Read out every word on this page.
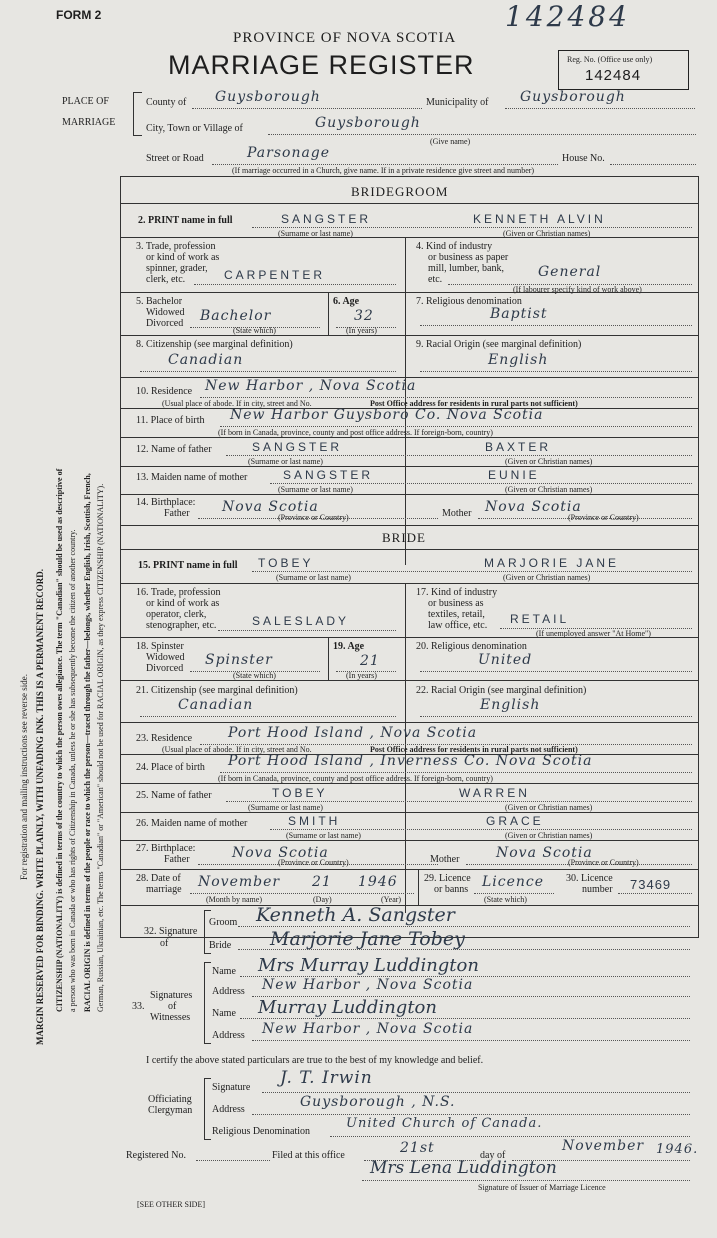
FORM 2	142484
PROVINCE OF NOVA SCOTIA
MARRIAGE REGISTER	Reg. No. (Office use only)
142484
PLACE OF
MARRIAGE
County of Guysborough	Municipality of Guysborough
City, Town or Village of	Guysborough
(Give name)
Street or Road	Parsonage	House No.
(If marriage occurred in a Church, give name. If in a private residence give street and number)
For registration and mailing instructions see reverse side. MARGIN RESERVED FOR BINDING. WRITE PLAINLY, WITH UNFADING INK. THIS IS A PERMANENT RECORD. CITIZENSHIP (NATIONALITY) is defined in terms of the country to which the person owes allegiance. The term "Canadian" should be used as descriptive of a person who was born in Canada or who has rights of Citizenship in Canada, unless he or she has subsequently become the citizen of another country. RACIAL ORIGIN is defined in terms of the people or race to which the person—traced through the father—belongs, whether English, Irish, Scottish, French, German, Russian, Ukrainian, etc. The terms "Canadian" or "American" should not be used for RACIAL ORIGIN, as they express CITIZENSHIP (NATIONALITY).
BRIDEGROOM
2. PRINT name in full	SANGSTER	KENNETH ALVIN
(Surname or last name)	(Given or Christian names)
3. Trade, profession
or kind of work as
spinner, grader,
clerk, etc.	CARPENTER
4. Kind of industry
or business as paper
mill, lumber, bank,
etc.	General
(If labourer specify kind of work above)
5. Bachelor
Widowed
Divorced Bachelor
(State which)
6. Age
32
(In years)
7. Religious denomination
Baptist
8. Citizenship (see marginal definition)
Canadian
9. Racial Origin (see marginal definition)
English
10. Residence New Harbor , Nova Scotia
(Usual place of abode. If in city, street and No.	Post Office address for residents in rural parts not sufficient)
11. Place of birth New Harbor Guysboro Co. Nova Scotia
(If born in Canada, province, county and post office address. If foreign-born, country)
12. Name of father	SANGSTER	BAXTER
(Surname or last name)	(Given or Christian names)
13. Maiden name of mother	SANGSTER	EUNIE
(Surname or last name)	(Given or Christian names)
14. Birthplace:
Father Nova Scotia	Mother Nova Scotia
(Province or Country)	(Province or Country)
BRIDE
15. PRINT name in full TOBEY	MARJORIE JANE
(Surname or last name)	(Given or Christian names)
16. Trade, profession
or kind of work as
operator, clerk,
stenographer, etc.	SALESLADY
17. Kind of industry
or business as
textiles, retail,
law office, etc. RETAIL
(If unemployed answer "At Home")
18. Spinster
Widowed
Divorced
Spinster
(State which)
19. Age
21
(In years)
20. Religious denomination
United
21. Citizenship (see marginal definition)
Canadian
22. Racial Origin (see marginal definition)
English
23. Residence	Port Hood Island , Nova Scotia
(Usual place of abode. If in city, street and No.	Post Office address for residents in rural parts not sufficient)
24. Place of birth Port Hood Island , Inverness Co. Nova Scotia
(If born in Canada, province, county and post office address. If foreign-born, country)
25. Name of father	TOBEY	WARREN
(Surname or last name)	(Given or Christian names)
26. Maiden name of mother	SMITH	GRACE
(Surname or last name)	(Given or Christian names)
27. Birthplace:
Father	Nova Scotia	Mother	Nova Scotia
(Province or Country)	(Province or Country)
28. Date of
marriage November 21 1946
(Month by name)	(Day)	(Year)
29. Licence
or banns Licence
(State which)
30. Licence
number 73469
32. Signature
of
Groom Kenneth A. Sangster
Bride Marjorie Jane Tobey
33.
Signatures
of
Witnesses
Name Mrs Murray Luddington
Address New Harbor , Nova Scotia
Name Murray Luddington
Address New Harbor , Nova Scotia
I certify the above stated particulars are true to the best of my knowledge and belief.
Officiating
Clergyman
Signature J. T. Irwin
Address	Guysborough , N.S.
Religious Denomination
United Church of Canada.
Registered No.	Filed at this office	21st	day of
November 1946.
Mrs Lena Luddington
Signature of Issuer of Marriage Licence
[SEE OTHER SIDE]
